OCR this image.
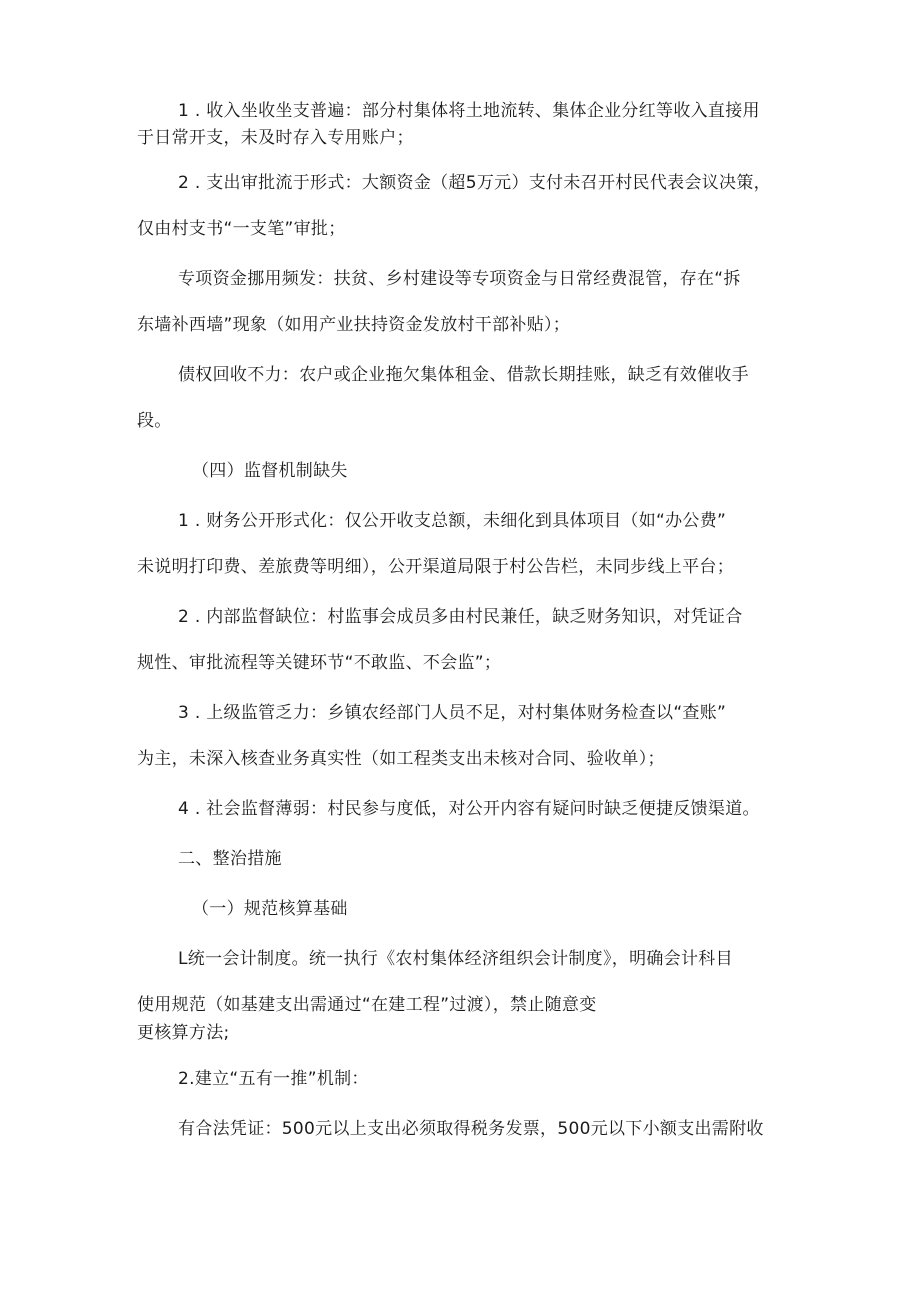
1 . 收入坐收坐支普遍：部分村集体将土地流转、集体企业分红等收入直接用
于日常开支，未及时存入专用账户；
2 . 支出审批流于形式：大额资金（超5万元）支付未召开村民代表会议决策，
仅由村支书“一支笔”审批；
专项资金挪用频发：扶贫、乡村建设等专项资金与日常经费混管，存在“拆
东墙补西墙”现象（如用产业扶持资金发放村干部补贴）；
债权回收不力：农户或企业拖欠集体租金、借款长期挂账，缺乏有效催收手
段。
（四）监督机制缺失
1 . 财务公开形式化：仅公开收支总额，未细化到具体项目（如“办公费”
未说明打印费、差旅费等明细），公开渠道局限于村公告栏，未同步线上平台；
2 . 内部监督缺位：村监事会成员多由村民兼任，缺乏财务知识，对凭证合
规性、审批流程等关键环节“不敢监、不会监”；
3 . 上级监管乏力：乡镇农经部门人员不足，对村集体财务检查以“查账”
为主，未深入核查业务真实性（如工程类支出未核对合同、验收单）；
4 . 社会监督薄弱：村民参与度低，对公开内容有疑问时缺乏便捷反馈渠道。
二、整治措施
（一）规范核算基础
L统一会计制度。统一执行《农村集体经济组织会计制度》，明确会计科目
使用规范（如基建支出需通过“在建工程”过渡），禁止随意变
更核算方法;
2.建立“五有一推”机制：
有合法凭证：500元以上支出必须取得税务发票，500元以下小额支出需附收
